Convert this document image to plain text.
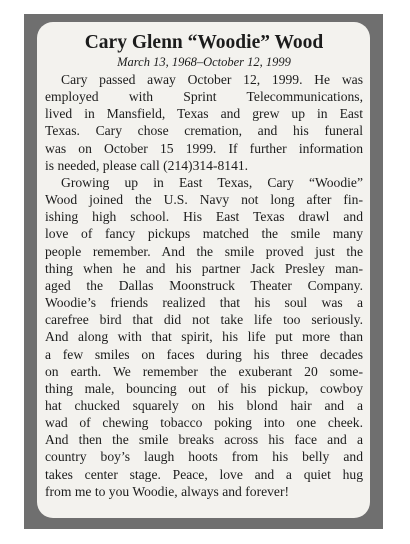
Cary Glenn “Woodie” Wood
March 13, 1968–October 12, 1999
Cary passed away October 12, 1999. He was
employed with Sprint Telecommunications,
lived in Mansfield, Texas and grew up in East
Texas. Cary chose cremation, and his funeral
was on October 15 1999. If further information
is needed, please call (214)314-8141.
Growing up in East Texas, Cary “Woodie”
Wood joined the U.S. Navy not long after fin-
ishing high school. His East Texas drawl and
love of fancy pickups matched the smile many
people remember. And the smile proved just the
thing when he and his partner Jack Presley man-
aged the Dallas Moonstruck Theater Company.
Woodie’s friends realized that his soul was a
carefree bird that did not take life too seriously.
And along with that spirit, his life put more than
a few smiles on faces during his three decades
on earth. We remember the exuberant 20 some-
thing male, bouncing out of his pickup, cowboy
hat chucked squarely on his blond hair and a
wad of chewing tobacco poking into one cheek.
And then the smile breaks across his face and a
country boy’s laugh hoots from his belly and
takes center stage. Peace, love and a quiet hug
from me to you Woodie, always and forever!
